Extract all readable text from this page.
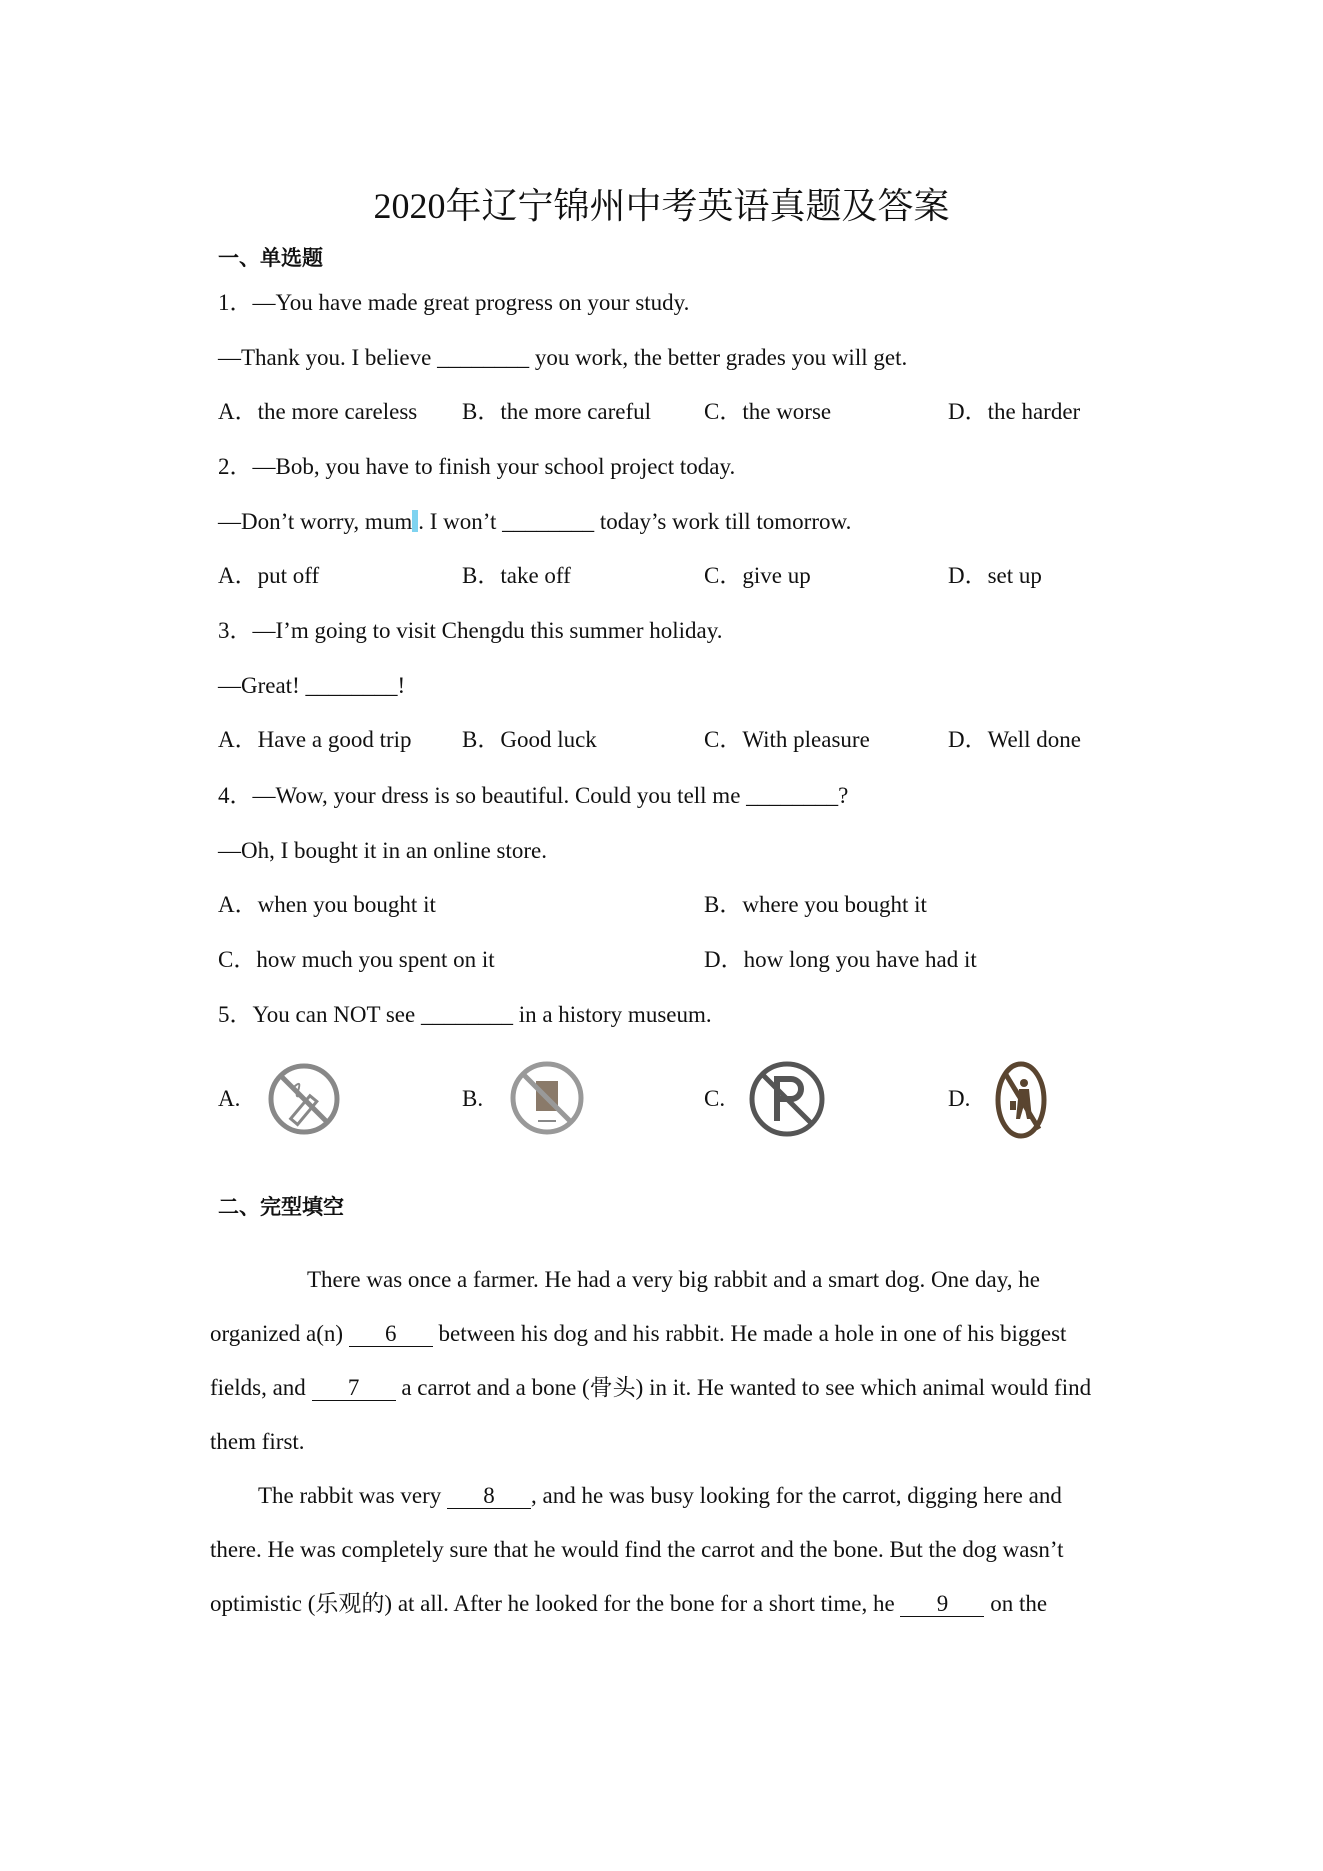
2020年辽宁锦州中考英语真题及答案
一、单选题
1．—You have made great progress on your study.
—Thank you. I believe ________ you work, the better grades you will get.
A．the more careless B．the more careful C．the worse	D．the harder
2．—Bob, you have to finish your school project today.
—Don’t worry, mum . I won’t ________ today’s work till tomorrow.
A．put off	B．take off	C．give up	D．set up
3．—I’m going to visit Chengdu this summer holiday.
—Great! ________!
A．Have a good trip B．Good luck	C．With pleasure	D．Well done
4．—Wow, your dress is so beautiful. Could you tell me ________?
—Oh, I bought it in an online store.
A．when you bought it	B．where you bought it
C．how much you spent on it	D．how long you have had it
5．You can NOT see ________ in a history museum.
A.	B.	C.	D.
二、完型填空
There was once a farmer. He had a very big rabbit and a smart dog. One day, he
organized a(n) 6 between his dog and his rabbit. He made a hole in one of his biggest
fields, and 7 a carrot and a bone (骨头) in it. He wanted to see which animal would find
them first.
The rabbit was very 8 , and he was busy looking for the carrot, digging here and
there. He was completely sure that he would find the carrot and the bone. But the dog wasn’t
optimistic (乐观的) at all. After he looked for the bone for a short time, he 9 on the
